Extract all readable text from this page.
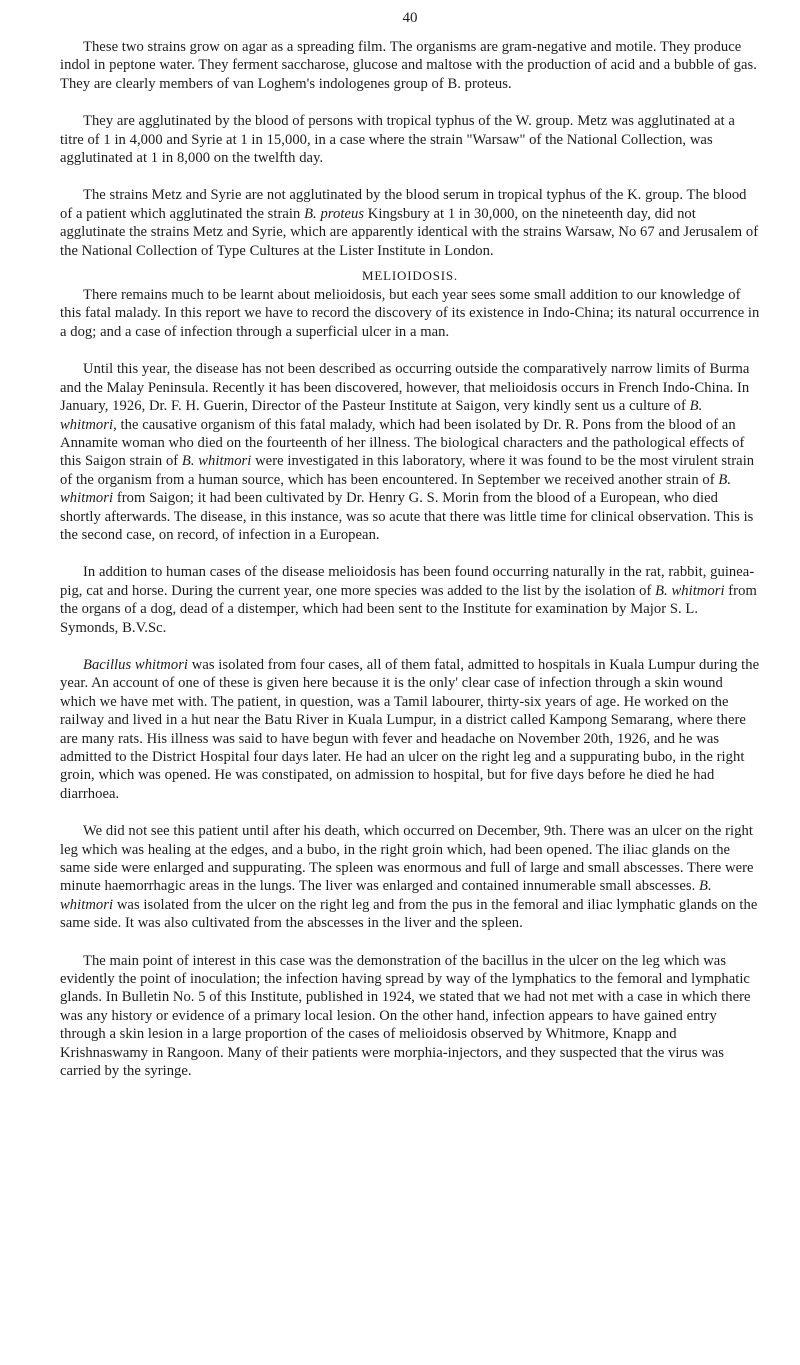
40

These two strains grow on agar as a spreading film. The organisms are gram-negative and motile. They produce indol in peptone water. They ferment saccharose, glucose and maltose with the production of acid and a bubble of gas. They are clearly members of van Loghem's indologenes group of B. proteus.

They are agglutinated by the blood of persons with tropical typhus of the W. group. Metz was agglutinated at a titre of 1 in 4,000 and Syrie at 1 in 15,000, in a case where the strain "Warsaw" of the National Collection, was agglutinated at 1 in 8,000 on the twelfth day.

The strains Metz and Syrie are not agglutinated by the blood serum in tropical typhus of the K. group. The blood of a patient which agglutinated the strain B. proteus Kingsbury at 1 in 30,000, on the nineteenth day, did not agglutinate the strains Metz and Syrie, which are apparently identical with the strains Warsaw, No 67 and Jerusalem of the National Collection of Type Cultures at the Lister Institute in London.

MELIOIDOSIS.

There remains much to be learnt about melioidosis, but each year sees some small addition to our knowledge of this fatal malady. In this report we have to record the discovery of its existence in Indo-China; its natural occurrence in a dog; and a case of infection through a superficial ulcer in a man.

Until this year, the disease has not been described as occurring outside the comparatively narrow limits of Burma and the Malay Peninsula. Recently it has been discovered, however, that melioidosis occurs in French Indo-China. In January, 1926, Dr. F. H. Guerin, Director of the Pasteur Institute at Saigon, very kindly sent us a culture of B. whitmori, the causative organism of this fatal malady, which had been isolated by Dr. R. Pons from the blood of an Annamite woman who died on the fourteenth of her illness. The biological characters and the pathological effects of this Saigon strain of B. whitmori were investigated in this laboratory, where it was found to be the most virulent strain of the organism from a human source, which has been encountered. In September we received another strain of B. whitmori from Saigon; it had been cultivated by Dr. Henry G. S. Morin from the blood of a European, who died shortly afterwards. The disease, in this instance, was so acute that there was little time for clinical observation. This is the second case, on record, of infection in a European.

In addition to human cases of the disease melioidosis has been found occurring naturally in the rat, rabbit, guinea-pig, cat and horse. During the current year, one more species was added to the list by the isolation of B. whitmori from the organs of a dog, dead of a distemper, which had been sent to the Institute for examination by Major S. L. Symonds, B.V.Sc.

Bacillus whitmori was isolated from four cases, all of them fatal, admitted to hospitals in Kuala Lumpur during the year. An account of one of these is given here because it is the only' clear case of infection through a skin wound which we have met with. The patient, in question, was a Tamil labourer, thirty-six years of age. He worked on the railway and lived in a hut near the Batu River in Kuala Lumpur, in a district called Kampong Semarang, where there are many rats. His illness was said to have begun with fever and headache on November 20th, 1926, and he was admitted to the District Hospital four days later. He had an ulcer on the right leg and a suppurating bubo, in the right groin, which was opened. He was constipated, on admission to hospital, but for five days before he died he had diarrhoea.

We did not see this patient until after his death, which occurred on December, 9th. There was an ulcer on the right leg which was healing at the edges, and a bubo, in the right groin which, had been opened. The iliac glands on the same side were enlarged and suppurating. The spleen was enormous and full of large and small abscesses. There were minute haemorrhagic areas in the lungs. The liver was enlarged and contained innumerable small abscesses. B. whitmori was isolated from the ulcer on the right leg and from the pus in the femoral and iliac lymphatic glands on the same side. It was also cultivated from the abscesses in the liver and the spleen.

The main point of interest in this case was the demonstration of the bacillus in the ulcer on the leg which was evidently the point of inoculation; the infection having spread by way of the lymphatics to the femoral and lymphatic glands. In Bulletin No. 5 of this Institute, published in 1924, we stated that we had not met with a case in which there was any history or evidence of a primary local lesion. On the other hand, infection appears to have gained entry through a skin lesion in a large proportion of the cases of melioidosis observed by Whitmore, Knapp and Krishnaswamy in Rangoon. Many of their patients were morphia-injectors, and they suspected that the virus was carried by the syringe.
